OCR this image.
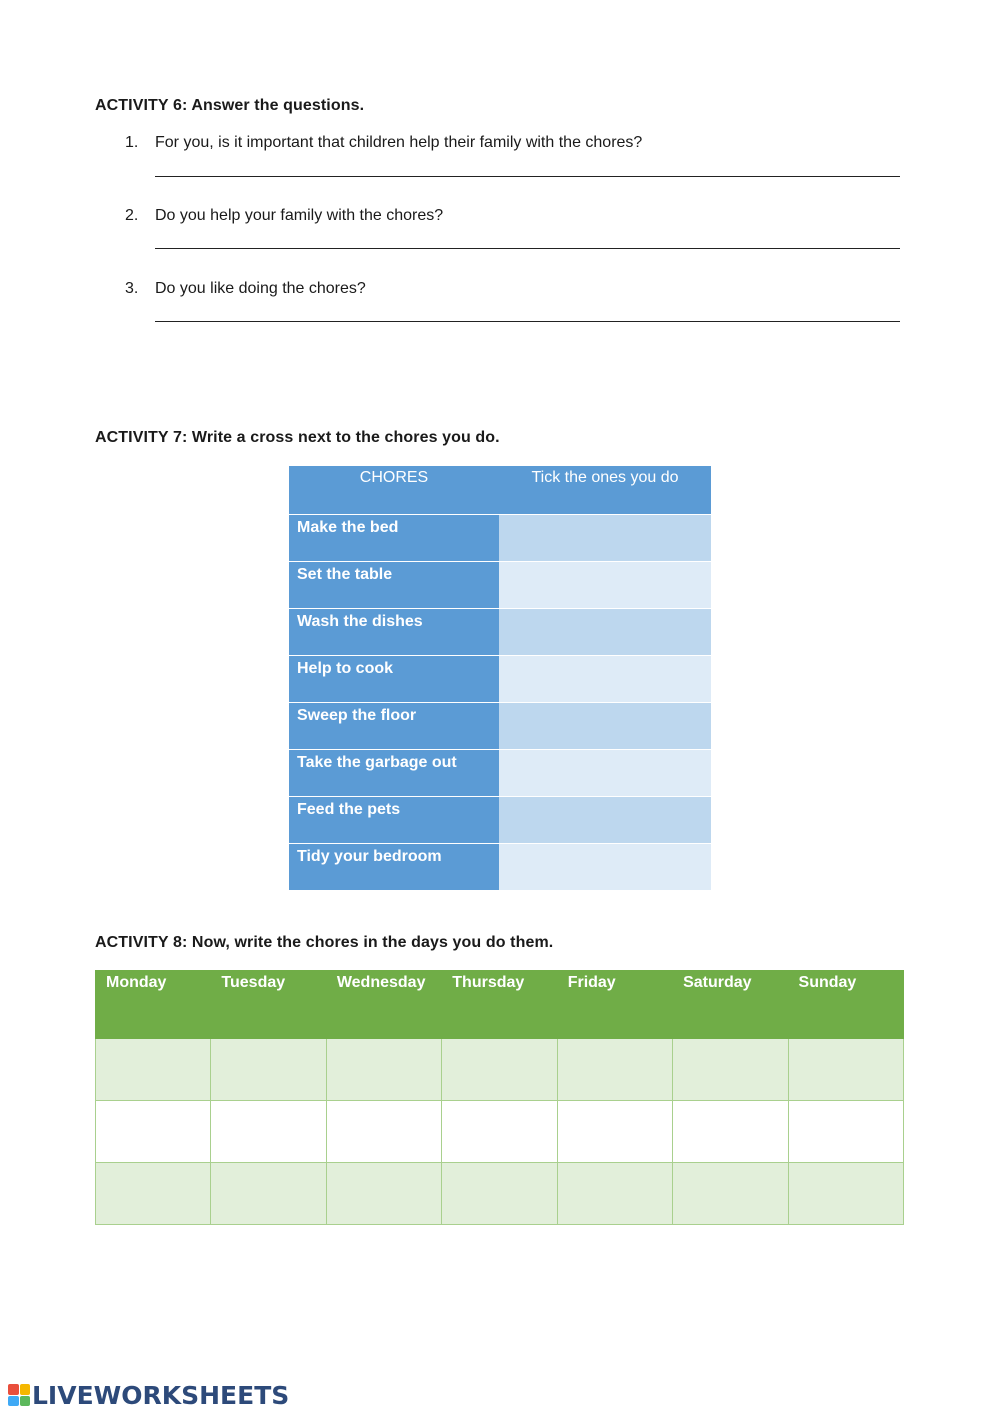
ACTIVITY 6: Answer the questions.
1. For you, is it important that children help their family with the chores?
2. Do you help your family with the chores?
3. Do you like doing the chores?
ACTIVITY 7: Write a cross next to the chores you do.
CHORES	Tick the ones you do
Make the bed	
Set the table	
Wash the dishes	
Help to cook	
Sweep the floor	
Take the garbage out	
Feed the pets	
Tidy your bedroom	
ACTIVITY 8: Now, write the chores in the days you do them.
Monday	Tuesday	Wednesday	Thursday	Friday	Saturday	Sunday

LIVEWORKSHEETS
